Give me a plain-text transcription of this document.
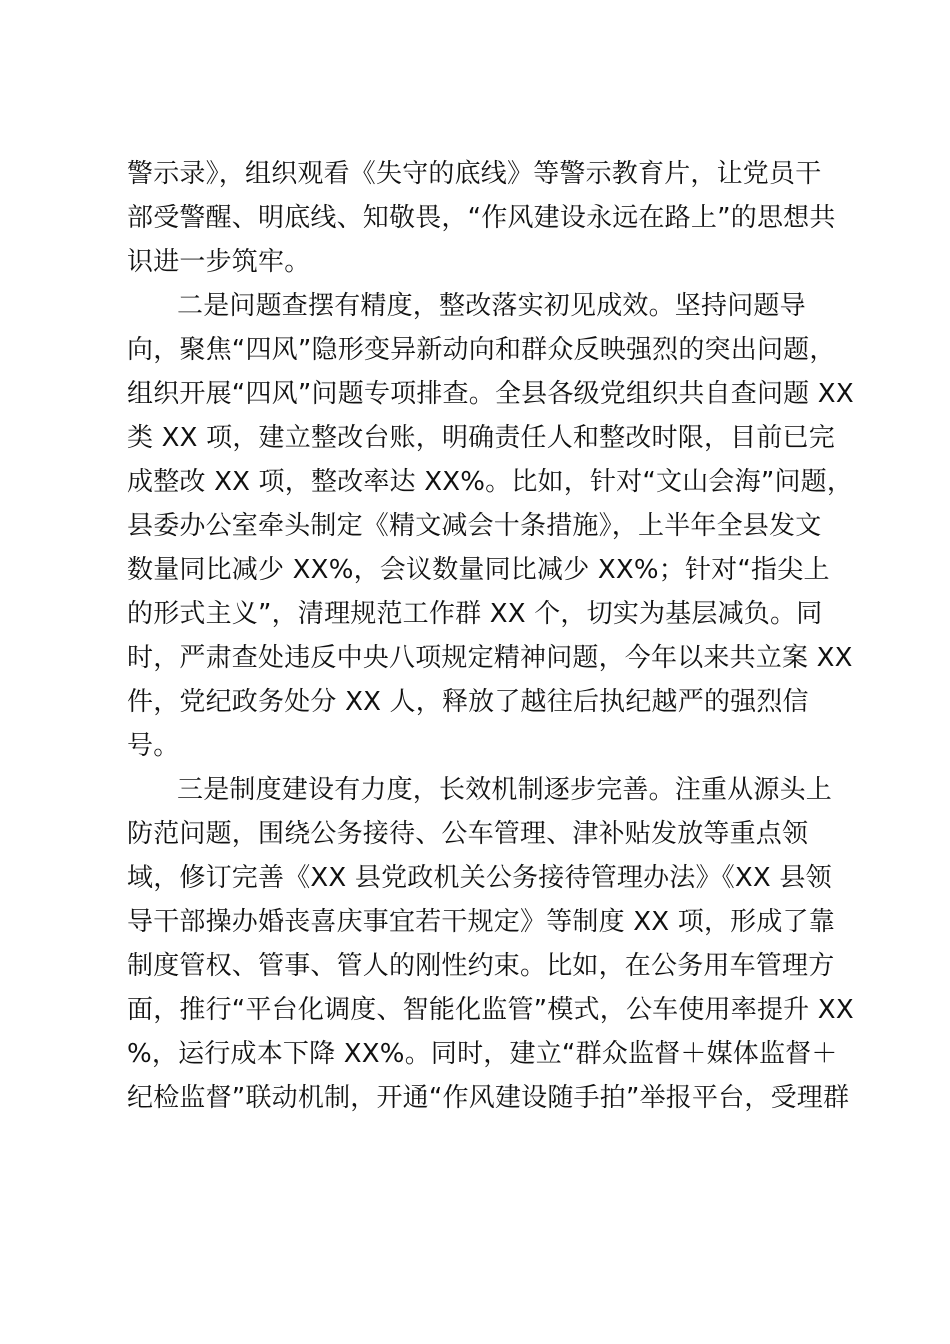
警示录》，组织观看《失守的底线》等警示教育片，让党员干
部受警醒、明底线、知敬畏，“作风建设永远在路上”的思想共
识进一步筑牢。
二是问题查摆有精度，整改落实初见成效。坚持问题导
向，聚焦“四风”隐形变异新动向和群众反映强烈的突出问题，
组织开展“四风”问题专项排查。全县各级党组织共自查问题 XX
类 XX 项，建立整改台账，明确责任人和整改时限，目前已完
成整改 XX 项，整改率达 XX%。比如，针对“文山会海”问题，
县委办公室牵头制定《精文减会十条措施》，上半年全县发文
数量同比减少 XX%，会议数量同比减少 XX%；针对“指尖上
的形式主义”，清理规范工作群 XX 个，切实为基层减负。同
时，严肃查处违反中央八项规定精神问题，今年以来共立案 XX
件，党纪政务处分 XX 人，释放了越往后执纪越严的强烈信
号。
三是制度建设有力度，长效机制逐步完善。注重从源头上
防范问题，围绕公务接待、公车管理、津补贴发放等重点领
域，修订完善《XX 县党政机关公务接待管理办法》《XX 县领
导干部操办婚丧喜庆事宜若干规定》等制度 XX 项，形成了靠
制度管权、管事、管人的刚性约束。比如，在公务用车管理方
面，推行“平台化调度、智能化监管”模式，公车使用率提升 XX
%，运行成本下降 XX%。同时，建立“群众监督＋媒体监督＋
纪检监督”联动机制，开通“作风建设随手拍”举报平台，受理群
